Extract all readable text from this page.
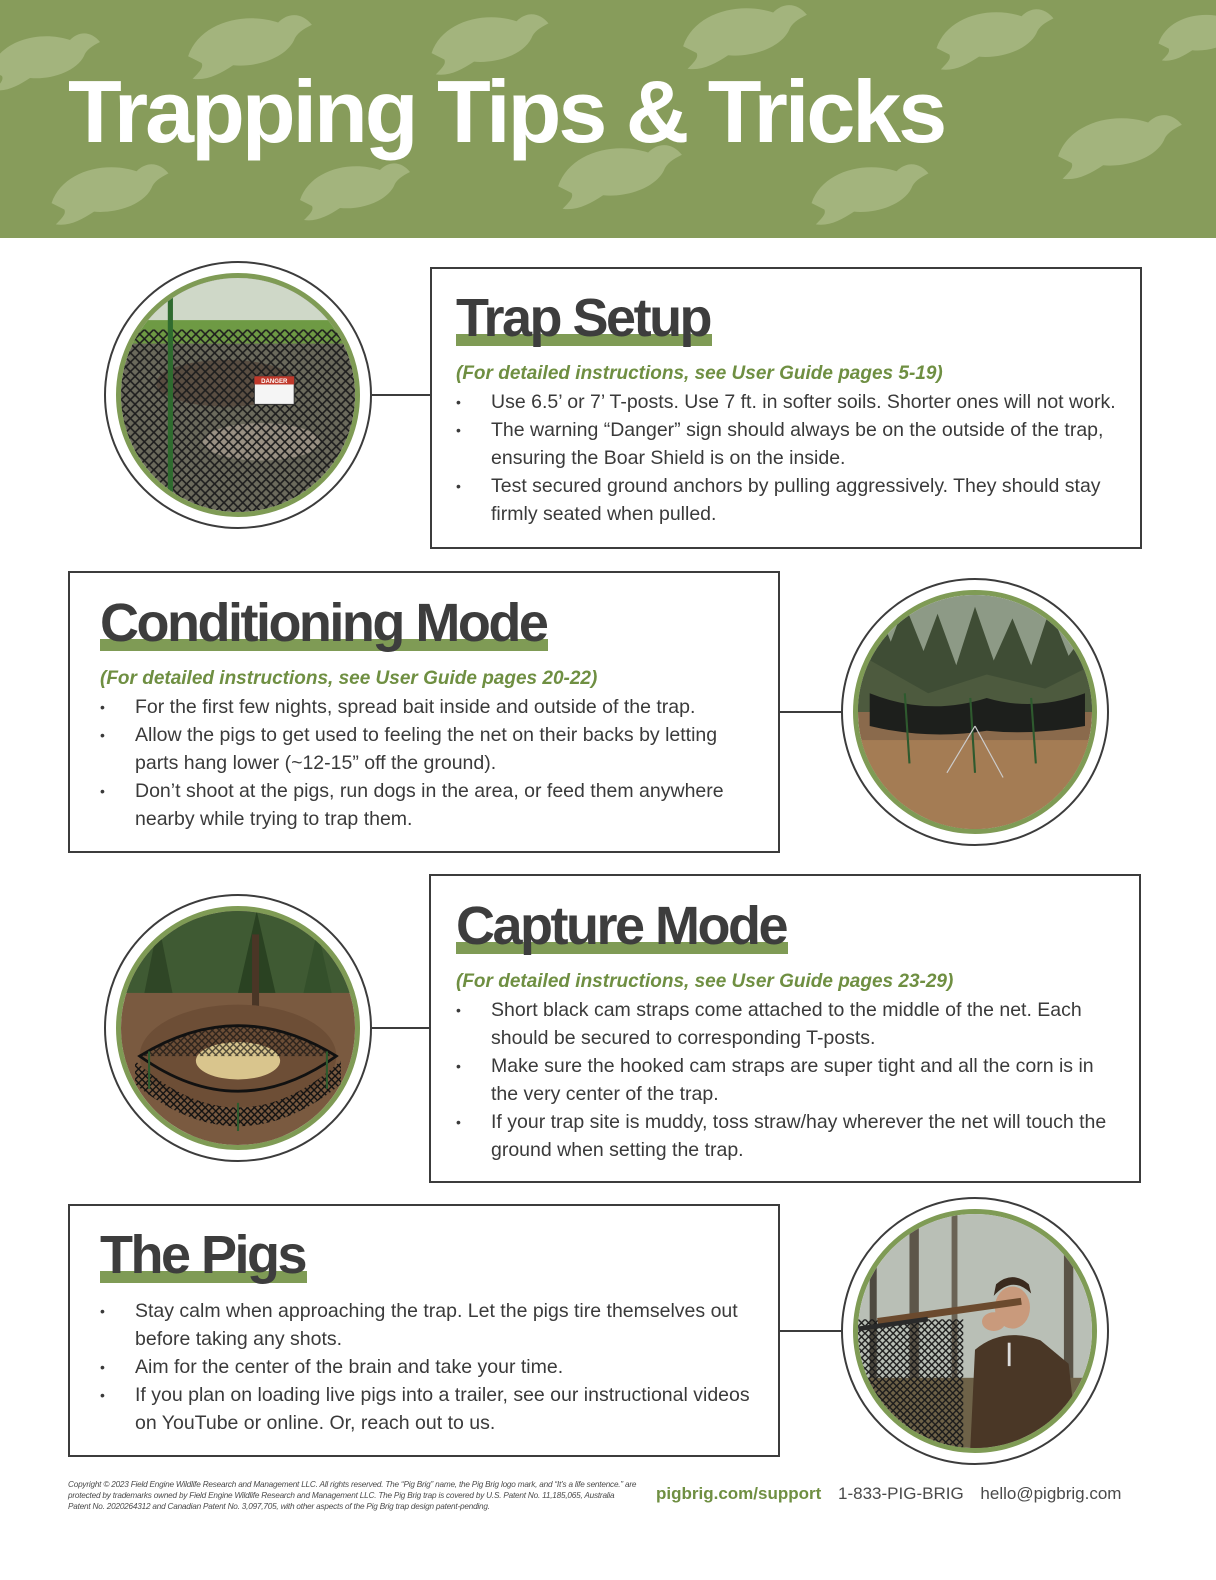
Trapping Tips & Tricks
DANGER
Trap Setup

(For detailed instructions, see User Guide pages 5-19)

• Use 6.5’ or 7’ T-posts. Use 7 ft. in softer soils. Shorter ones will not work.
• The warning “Danger” sign should always be on the outside of the trap, ensuring the Boar Shield is on the inside.
• Test secured ground anchors by pulling aggressively. They should stay firmly seated when pulled.
Conditioning Mode

(For detailed instructions, see User Guide pages 20-22)

• For the first few nights, spread bait inside and outside of the trap.
• Allow the pigs to get used to feeling the net on their backs by letting parts hang lower (~12-15” off the ground).
• Don’t shoot at the pigs, run dogs in the area, or feed them anywhere nearby while trying to trap them.
Capture Mode

(For detailed instructions, see User Guide pages 23-29)

• Short black cam straps come attached to the middle of the net. Each should be secured to corresponding T-posts.
• Make sure the hooked cam straps are super tight and all the corn is in the very center of the trap.
• If your trap site is muddy, toss straw/hay wherever the net will touch the ground when setting the trap.
The Pigs
• Stay calm when approaching the trap. Let the pigs tire themselves out before taking any shots.
• Aim for the center of the brain and take your time.
• If you plan on loading live pigs into a trailer, see our instructional videos on YouTube or online. Or, reach out to us.

Copyright © 2023 Field Engine Wildlife Research and Management LLC. All rights reserved. The “Pig Brig” name, the Pig Brig logo mark, and “It’s a life sentence.” are protected by trademarks owned by Field Engine Wildlife Research and Management LLC. The Pig Brig trap is covered by U.S. Patent No. 11,185,065, Australia Patent No. 2020264312 and Canadian Patent No. 3,097,705, with other aspects of the Pig Brig trap design patent-pending.

pigbrig.com/support 1-833-PIG-BRIG hello@pigbrig.com
